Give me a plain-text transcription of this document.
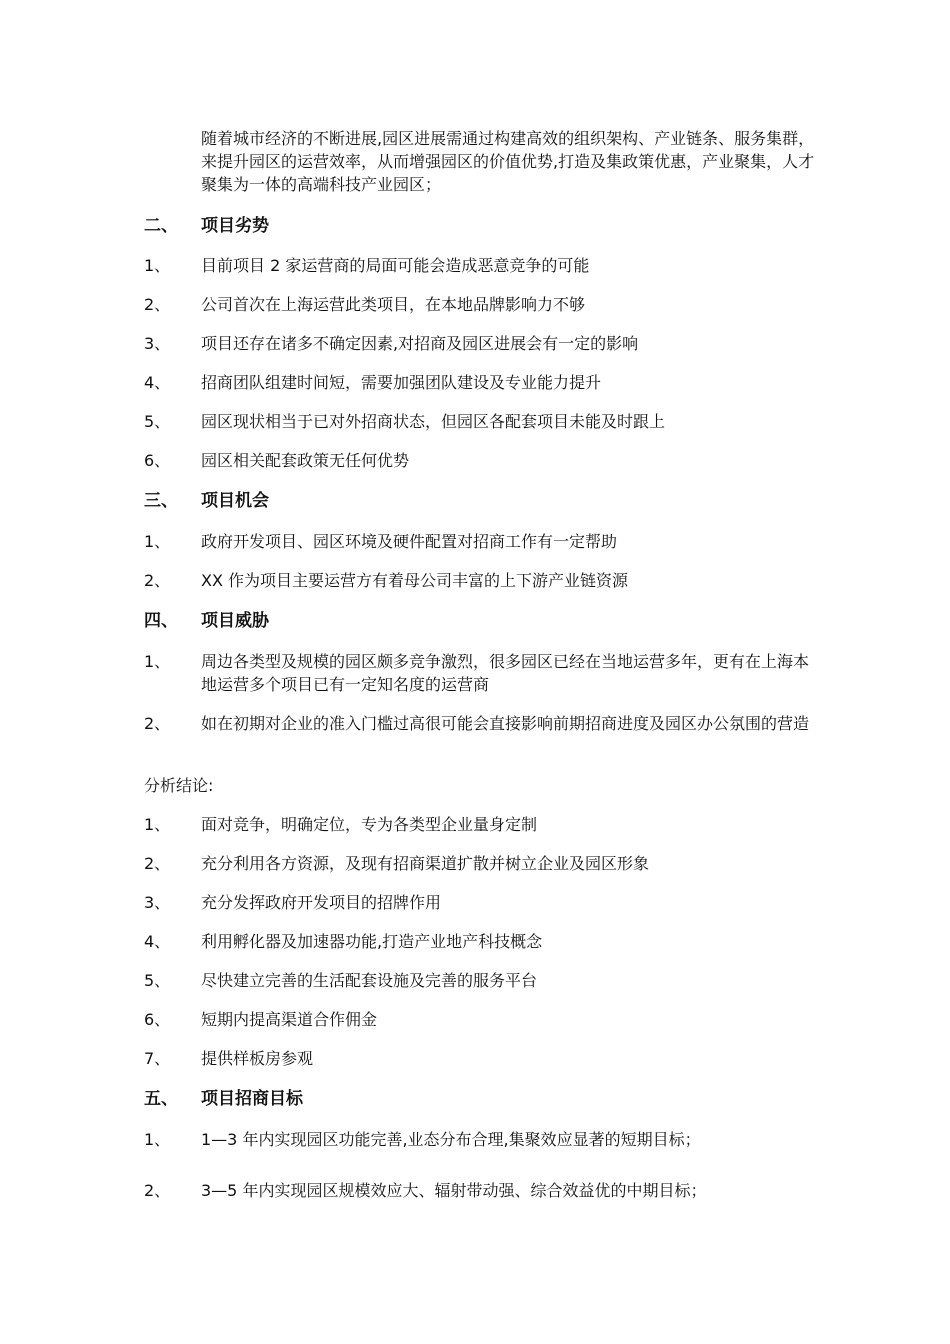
随着城市经济的不断进展,园区进展需通过构建高效的组织架构、产业链条、服务集群，来提升园区的运营效率，从而增强园区的价值优势,打造及集政策优惠，产业聚集，人才聚集为一体的高端科技产业园区；
二、	项目劣势
1、	目前项目 2 家运营商的局面可能会造成恶意竞争的可能
2、	公司首次在上海运营此类项目，在本地品牌影响力不够
3、	项目还存在诸多不确定因素,对招商及园区进展会有一定的影响
4、	招商团队组建时间短，需要加强团队建设及专业能力提升
5、	园区现状相当于已对外招商状态，但园区各配套项目未能及时跟上
6、	园区相关配套政策无任何优势
三、	项目机会
1、	政府开发项目、园区环境及硬件配置对招商工作有一定帮助
2、	XX 作为项目主要运营方有着母公司丰富的上下游产业链资源
四、	项目威胁
1、	周边各类型及规模的园区颇多竞争激烈，很多园区已经在当地运营多年，更有在上海本地运营多个项目已有一定知名度的运营商
2、	如在初期对企业的准入门槛过高很可能会直接影响前期招商进度及园区办公氛围的营造
分析结论:
1、	面对竞争，明确定位，专为各类型企业量身定制
2、	充分利用各方资源，及现有招商渠道扩散并树立企业及园区形象
3、	充分发挥政府开发项目的招牌作用
4、	利用孵化器及加速器功能,打造产业地产科技概念
5、	尽快建立完善的生活配套设施及完善的服务平台
6、	短期内提高渠道合作佣金
7、	提供样板房参观
五、	项目招商目标
1、	1—3 年内实现园区功能完善,业态分布合理,集聚效应显著的短期目标；
2、	3—5 年内实现园区规模效应大、辐射带动强、综合效益优的中期目标；
